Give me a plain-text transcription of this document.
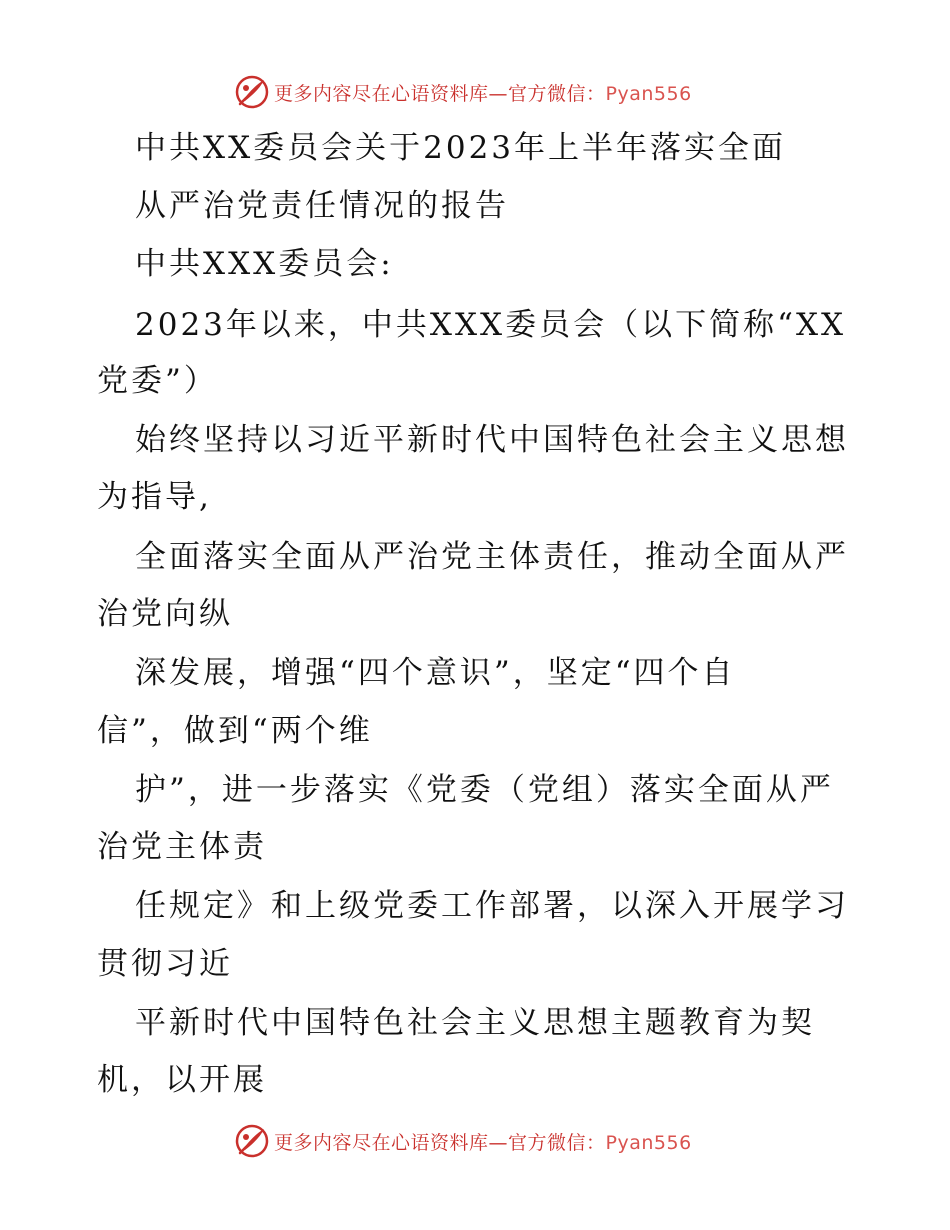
更多内容尽在心语资料库—官方微信：Pyan556
中共XX委员会关于2023年上半年落实全面
从严治党责任情况的报告
中共XXX委员会:
2023年以来，中共XXX委员会（以下简称“XX
党委”）
始终坚持以习近平新时代中国特色社会主义思想
为指导,
全面落实全面从严治党主体责任，推动全面从严
治党向纵
深发展，增强“四个意识”，坚定“四个自
信”，做到“两个维
护”，进一步落实《党委（党组）落实全面从严
治党主体责
任规定》和上级党委工作部署，以深入开展学习
贯彻习近
平新时代中国特色社会主义思想主题教育为契
机，以开展
更多内容尽在心语资料库—官方微信：Pyan556
